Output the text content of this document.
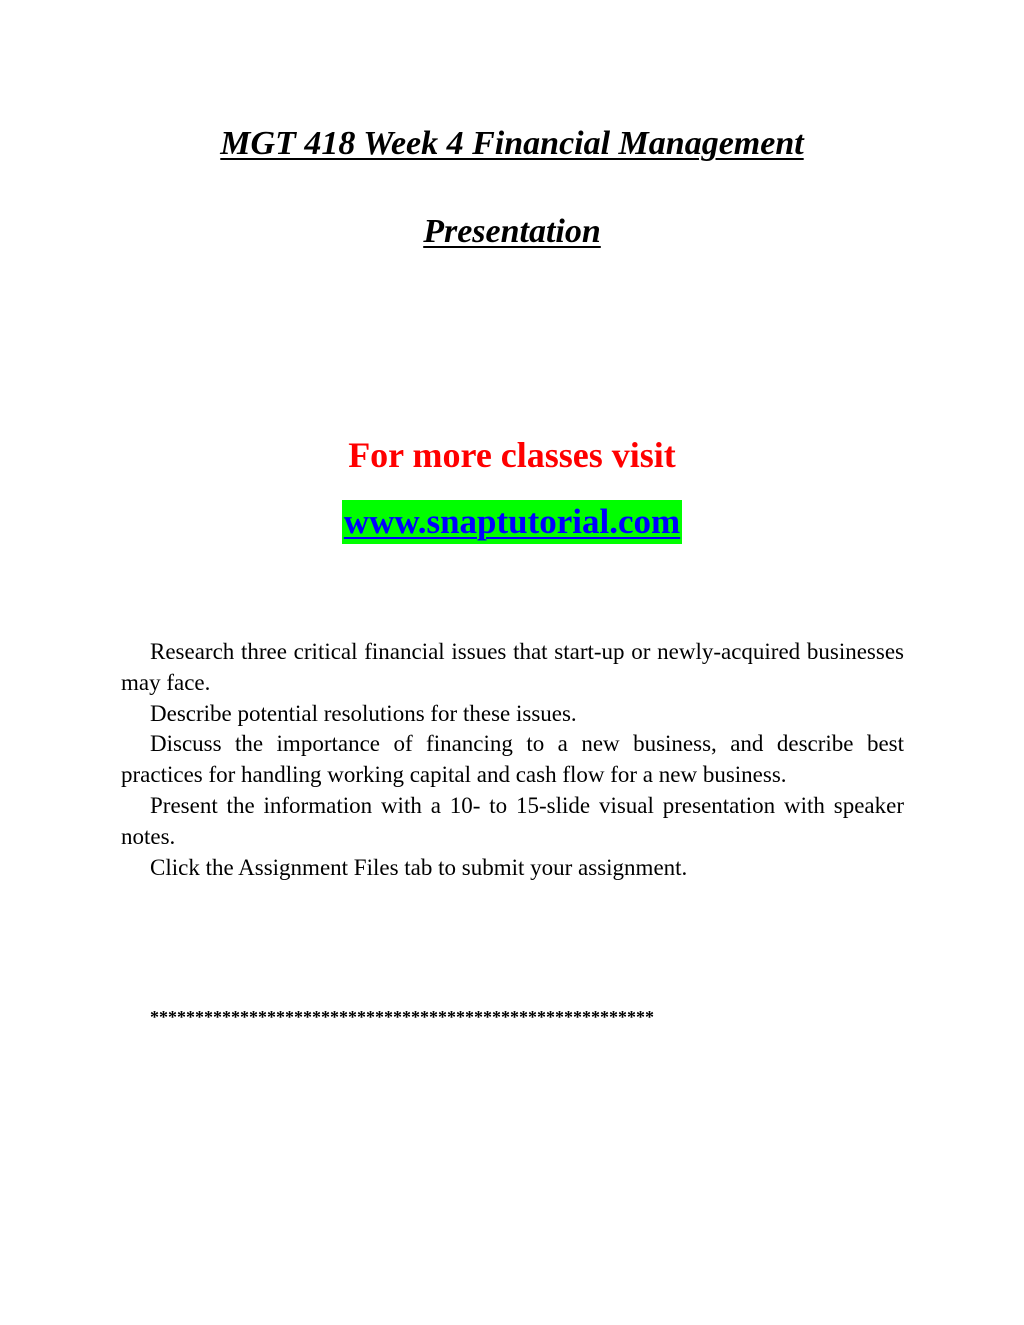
MGT 418 Week 4 Financial Management
Presentation
For more classes visit
www.snaptutorial.com

Research three critical financial issues that start-up or newly-acquired businesses may face.

Describe potential resolutions for these issues.

Discuss the importance of financing to a new business, and describe best practices for handling working capital and cash flow for a new business.

Present the information with a 10- to 15-slide visual presentation with speaker notes.

Click the Assignment Files tab to submit your assignment.

********************************************************
